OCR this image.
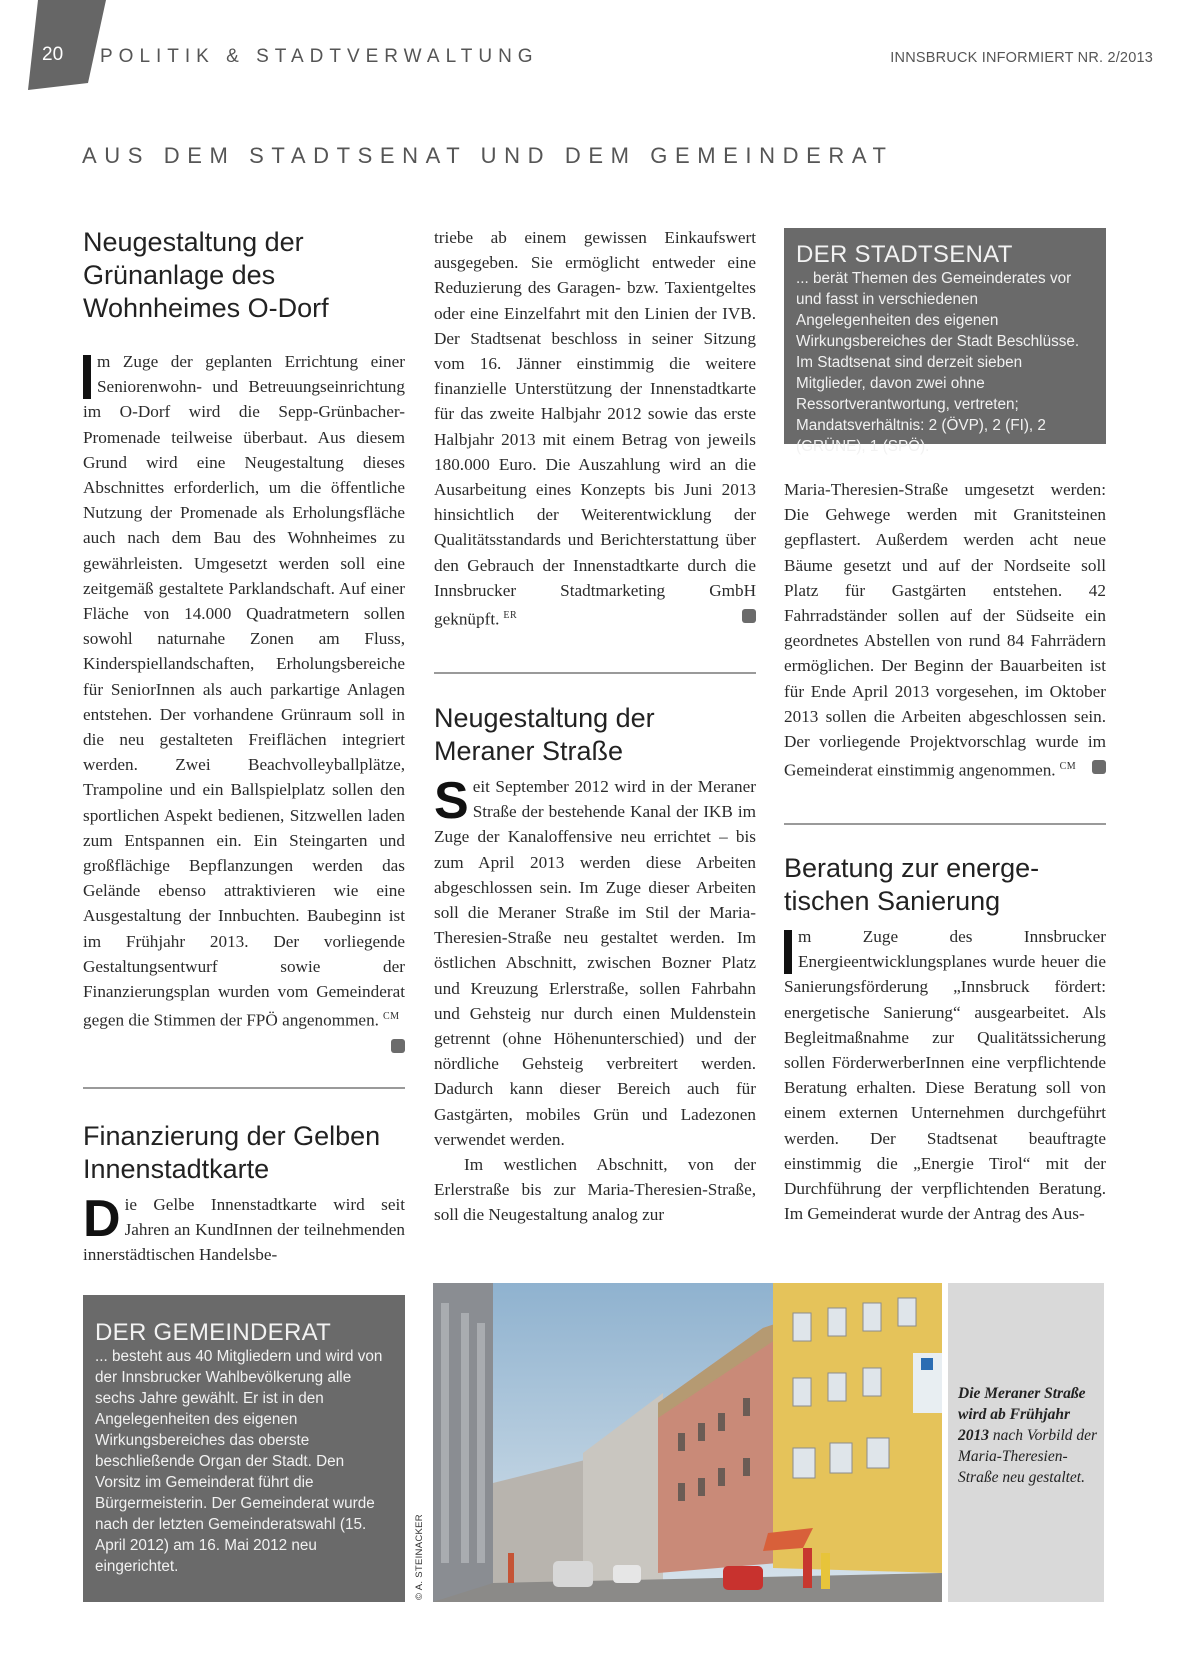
20 POLITIK & STADTVERWALTUNG	INNSBRUCK INFORMIERT NR. 2/2013
AUS DEM STADTSENAT UND DEM GEMEINDERAT
Neugestaltung der
Grünanlage des
Wohnheimes O-Dorf
m Zuge der geplanten Errichtung einer Seniorenwohn- und Betreuungseinrichtung im O-Dorf wird die Sepp-Grünbacher-Promenade teilweise überbaut. Aus diesem Grund wird eine Neugestaltung dieses Abschnittes erforderlich, um die öffentliche Nutzung der Promenade als Erholungsfläche auch nach dem Bau des Wohnheimes zu gewährleisten. Umgesetzt werden soll eine zeitgemäß gestaltete Parklandschaft. Auf einer Fläche von 14.000 Quadratmetern sollen sowohl naturnahe Zonen am Fluss, Kinderspiellandschaften, Erholungsbereiche für SeniorInnen als auch parkartige Anlagen entstehen. Der vorhandene Grünraum soll in die neu gestalteten Freiflächen integriert werden. Zwei Beachvolleyballplätze, Trampoline und ein Ballspielplatz sollen den sportlichen Aspekt bedienen, Sitzwellen laden zum Entspannen ein. Ein Steingarten und großflächige Bepflanzungen werden das Gelände ebenso attraktivieren wie eine Ausgestaltung der Innbuchten. Baubeginn ist im Frühjahr 2013. Der vorliegende Gestaltungsentwurf sowie der Finanzierungsplan wurden vom Gemeinderat gegen die Stimmen der FPÖ angenommen. $^{CM}$
Finanzierung der Gelben
Innenstadtkarte
Die Gelbe Innenstadtkarte wird seit Jahren an KundInnen der teilnehmenden innerstädtischen Handelsbe-
DER GEMEINDERAT
... besteht aus 40 Mitgliedern und wird von der Innsbrucker Wahlbevölkerung alle sechs Jahre gewählt. Er ist in den Angelegenheiten des eigenen Wirkungsbereiches das oberste beschließende Organ der Stadt. Den Vorsitz im Gemeinderat führt die Bürgermeisterin. Der Gemeinderat wurde nach der letzten Gemeinderatswahl (15. April 2012) am 16. Mai 2012 neu eingerichtet.
triebe ab einem gewissen Einkaufswert ausgegeben. Sie ermöglicht entweder eine Reduzierung des Garagen- bzw. Taxientgeltes oder eine Einzelfahrt mit den Linien der IVB. Der Stadtsenat beschloss in seiner Sitzung vom 16. Jänner einstimmig die weitere finanzielle Unterstützung der Innenstadtkarte für das zweite Halbjahr 2012 sowie das erste Halbjahr 2013 mit einem Betrag von jeweils 180.000 Euro. Die Auszahlung wird an die Ausarbeitung eines Konzepts bis Juni 2013 hinsichtlich der Weiterentwicklung der Qualitätsstandards und Berichterstattung über den Gebrauch der Innenstadtkarte durch die Innsbrucker Stadtmarketing GmbH geknüpft. $^{ER}$
Neugestaltung der
Meraner Straße

Seit September 2012 wird in der Meraner Straße der bestehende Kanal der IKB im Zuge der Kanaloffensive neu errichtet – bis zum April 2013 werden diese Arbeiten abgeschlossen sein. Im Zuge dieser Arbeiten soll die Meraner Straße im Stil der Maria-Theresien-Straße neu gestaltet werden. Im östlichen Abschnitt, zwischen Bozner Platz und Kreuzung Erlerstraße, sollen Fahrbahn und Gehsteig nur durch einen Muldenstein getrennt (ohne Höhenunterschied) und der nördliche Gehsteig verbreitert werden. Dadurch kann dieser Bereich auch für Gastgärten, mobiles Grün und Ladezonen verwendet werden.

Im westlichen Abschnitt, von der Erlerstraße bis zur Maria-Theresien-Straße, soll die Neugestaltung analog zur

DER STADTSENAT
... berät Themen des Gemeinderates vor und fasst in verschiedenen Angelegenheiten des eigenen Wirkungsbereiches der Stadt Beschlüsse. Im Stadtsenat sind derzeit sieben Mitglieder, davon zwei ohne Ressortverantwortung, vertreten; Mandatsverhältnis: 2 (ÖVP), 2 (FI), 2 (GRÜNE), 1 (SPÖ).
Maria-Theresien-Straße umgesetzt werden: Die Gehwege werden mit Granitsteinen gepflastert. Außerdem werden acht neue Bäume gesetzt und auf der Nordseite soll Platz für Gastgärten entstehen. 42 Fahrradständer sollen auf der Südseite ein geordnetes Abstellen von rund 84 Fahrrädern ermöglichen. Der Beginn der Bauarbeiten ist für Ende April 2013 vorgesehen, im Oktober 2013 sollen die Arbeiten abgeschlossen sein. Der vorliegende Projektvorschlag wurde im Gemeinderat einstimmig angenommen. $^{CM}$
Beratung zur energe-
tischen Sanierung
m Zuge des Innsbrucker Energieentwicklungsplanes wurde heuer die Sanierungsförderung „Innsbruck fördert: energetische Sanierung“ ausgearbeitet. Als Begleitmaßnahme zur Qualitätssicherung sollen FörderwerberInnen eine verpflichtende Beratung erhalten. Diese Beratung soll von einem externen Unternehmen durchgeführt werden. Der Stadtsenat beauftragte einstimmig die „Energie Tirol“ mit der Durchführung der verpflichtenden Beratung. Im Gemeinderat wurde der Antrag des Aus-
© A. STEINACKER
Die Meraner Straße wird ab Frühjahr 2013 nach Vorbild der Maria-Theresien-Straße neu gestaltet.
